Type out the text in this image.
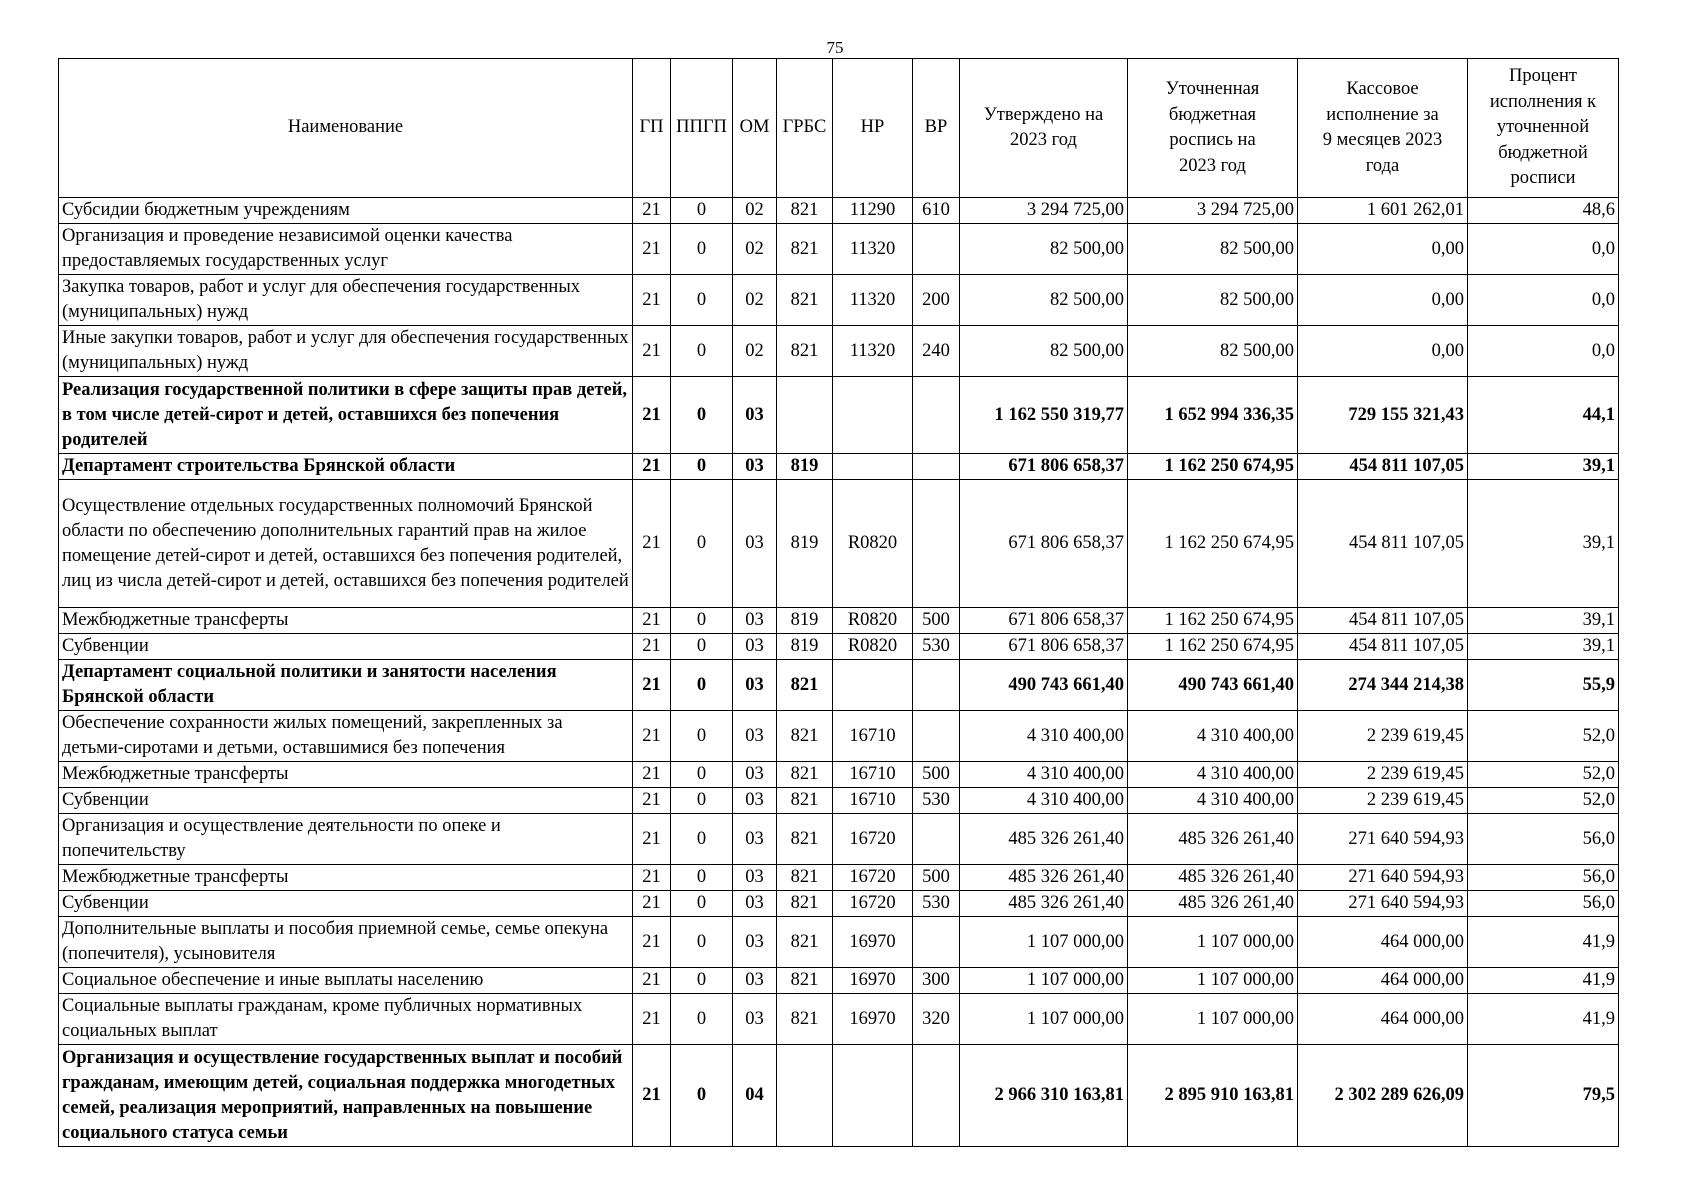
75
Наименование	ГП	ППГП	ОМ	ГРБС	НР	ВР	Утверждено на 2023 год	Уточненная бюджетная роспись на 2023 год	Кассовое исполнение за 9 месяцев 2023 года	Процент исполнения к уточненной бюджетной росписи
Субсидии бюджетным учреждениям	21	0	02	821	11290	610	3 294 725,00	3 294 725,00	1 601 262,01	48,6
Организация и проведение независимой оценки качества предоставляемых государственных услуг	21	0	02	821	11320		82 500,00	82 500,00	0,00	0,0
Закупка товаров, работ и услуг для обеспечения государственных (муниципальных) нужд	21	0	02	821	11320	200	82 500,00	82 500,00	0,00	0,0
Иные закупки товаров, работ и услуг для обеспечения государственных (муниципальных) нужд	21	0	02	821	11320	240	82 500,00	82 500,00	0,00	0,0
Реализация государственной политики в сфере защиты прав детей, в том числе детей-сирот и детей, оставшихся без попечения родителей	21	0	03				1 162 550 319,77	1 652 994 336,35	729 155 321,43	44,1
Департамент строительства Брянской области	21	0	03	819			671 806 658,37	1 162 250 674,95	454 811 107,05	39,1
Осуществление отдельных государственных полномочий Брянской области по обеспечению дополнительных гарантий прав на жилое помещение детей-сирот и детей, оставшихся без попечения родителей, лиц из числа детей-сирот и детей, оставшихся без попечения родителей	21	0	03	819	R0820		671 806 658,37	1 162 250 674,95	454 811 107,05	39,1
Межбюджетные трансферты	21	0	03	819	R0820	500	671 806 658,37	1 162 250 674,95	454 811 107,05	39,1
Субвенции	21	0	03	819	R0820	530	671 806 658,37	1 162 250 674,95	454 811 107,05	39,1
Департамент социальной политики и занятости населения Брянской области	21	0	03	821			490 743 661,40	490 743 661,40	274 344 214,38	55,9
Обеспечение сохранности жилых помещений, закрепленных за детьми-сиротами и детьми, оставшимися без попечения	21	0	03	821	16710		4 310 400,00	4 310 400,00	2 239 619,45	52,0
Межбюджетные трансферты	21	0	03	821	16710	500	4 310 400,00	4 310 400,00	2 239 619,45	52,0
Субвенции	21	0	03	821	16710	530	4 310 400,00	4 310 400,00	2 239 619,45	52,0
Организация и осуществление деятельности по опеке и попечительству	21	0	03	821	16720		485 326 261,40	485 326 261,40	271 640 594,93	56,0
Межбюджетные трансферты	21	0	03	821	16720	500	485 326 261,40	485 326 261,40	271 640 594,93	56,0
Субвенции	21	0	03	821	16720	530	485 326 261,40	485 326 261,40	271 640 594,93	56,0
Дополнительные выплаты и пособия приемной семье, семье опекуна (попечителя), усыновителя	21	0	03	821	16970		1 107 000,00	1 107 000,00	464 000,00	41,9
Социальное обеспечение и иные выплаты населению	21	0	03	821	16970	300	1 107 000,00	1 107 000,00	464 000,00	41,9
Социальные выплаты гражданам, кроме публичных нормативных социальных выплат	21	0	03	821	16970	320	1 107 000,00	1 107 000,00	464 000,00	41,9
Организация и осуществление государственных выплат и пособий гражданам, имеющим детей, социальная поддержка многодетных семей, реализация мероприятий, направленных на повышение социального статуса семьи	21	0	04				2 966 310 163,81	2 895 910 163,81	2 302 289 626,09	79,5
